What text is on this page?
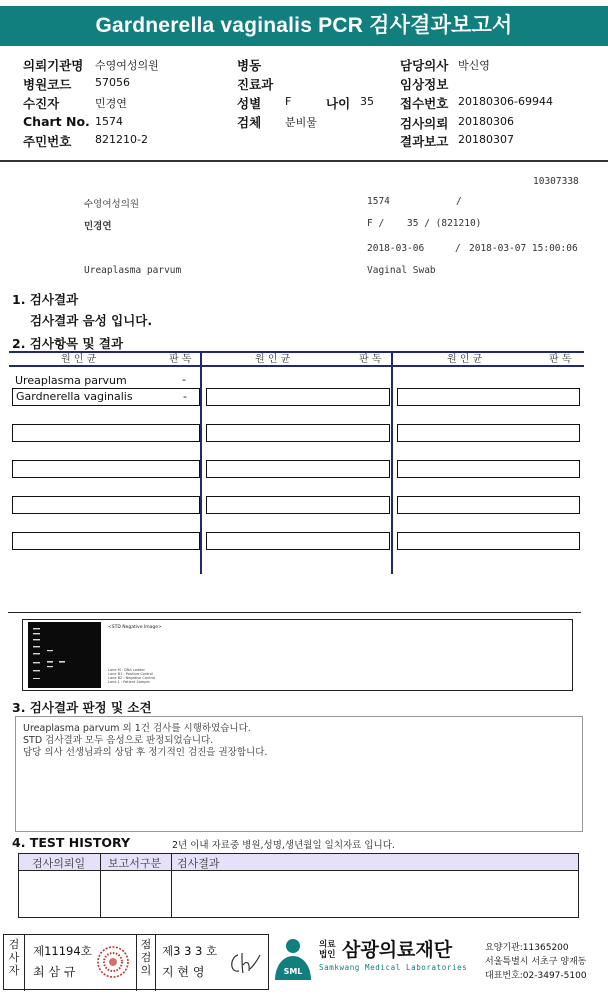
Gardnerella vaginalis PCR 검사결과보고서
의뢰기관명 수영여성의원
병원코드 57056
수진자	민경연
Chart No. 1574
주민번호 821210-2
병동
진료과
성별 F	나이 35
검체 분비물
담당의사 박신영
임상정보
접수번호 20180306-69944
검사의뢰 20180306
결과보고 20180307
10307338
수영여성의원	1574	/
민경연	F /    35 / (821210)
2018-03-06	/ 2018-03-07 15:00:06
Ureaplasma parvum	Vaginal Swab
1. 검사결과
검사결과 음성 입니다.
2. 검사항목 및 결과
원 인 균	판 독	원 인 균	판 독	원 인 균	판 독
Ureaplasma parvum	-
Gardnerella vaginalis	-
<STD Negative Image>
Lane M : DNA Ladder
Lane B1 : Positive Control
Lane B2 : Negative Control
Lane 1 : Patient Sample
3. 검사결과 판정 및 소견
Ureaplasma parvum 외 1건 검사를 시행하였습니다.
STD 검사결과 모두 음성으로 판정되었습니다.
담당 의사 선생님과의 상담 후 정기적인 검진을 권장합니다.
4. TEST HISTORY	2년 이내 자료중 병원,성명,생년월일 일치자료 입니다.
검사의뢰일 보고서구분 검사결과
검
사
자
제11194호
최 삼 규
점
검
의
제3 3 3 호
지 현 영	SML
의료
법인 삼광의료재단
Samkwang Medical Laboratories
요양기관:11365200
서울특별시 서초구 양재동
대표번호:02-3497-5100
